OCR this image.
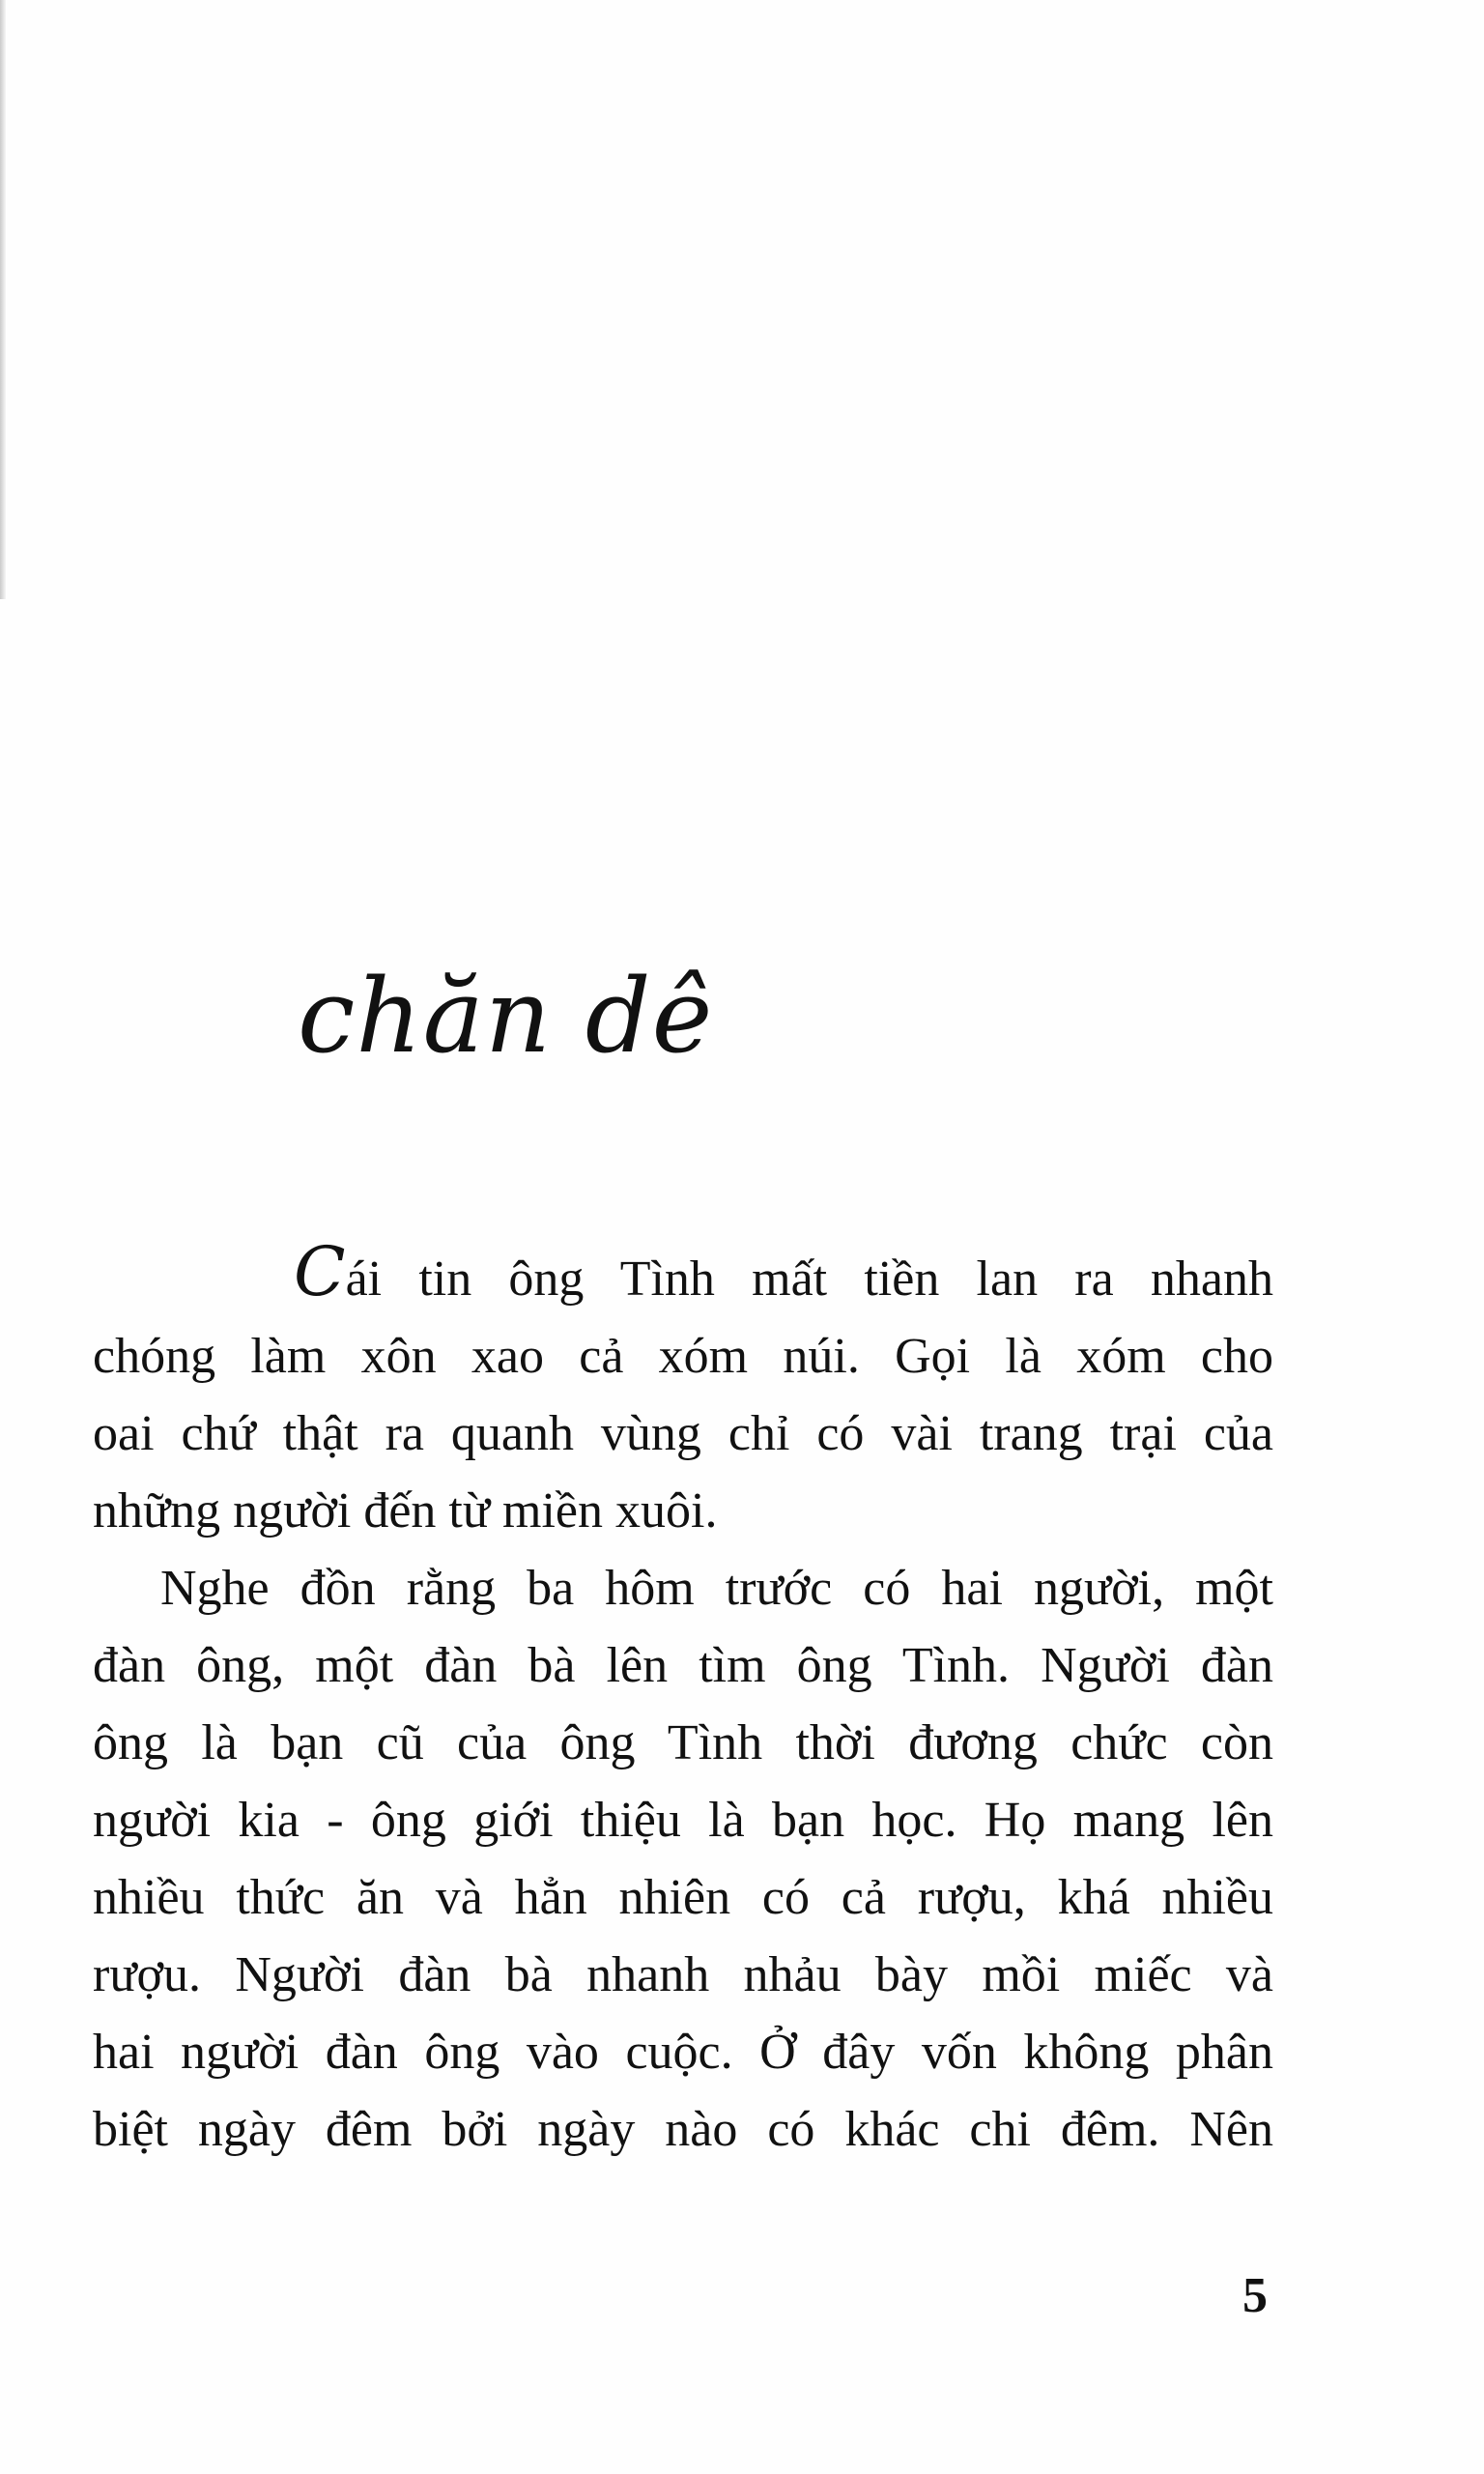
chăn dê
Cái tin ông Tình mất tiền lan ra nhanh
chóng làm xôn xao cả xóm núi. Gọi là xóm cho
oai chứ thật ra quanh vùng chỉ có vài trang trại của
những người đến từ miền xuôi.
Nghe đồn rằng ba hôm trước có hai người, một
đàn ông, một đàn bà lên tìm ông Tình. Người đàn
ông là bạn cũ của ông Tình thời đương chức còn
người kia - ông giới thiệu là bạn học. Họ mang lên
nhiều thức ăn và hẳn nhiên có cả rượu, khá nhiều
rượu. Người đàn bà nhanh nhảu bày mồi miếc và
hai người đàn ông vào cuộc. Ở đây vốn không phân
biệt ngày đêm bởi ngày nào có khác chi đêm. Nên
5
